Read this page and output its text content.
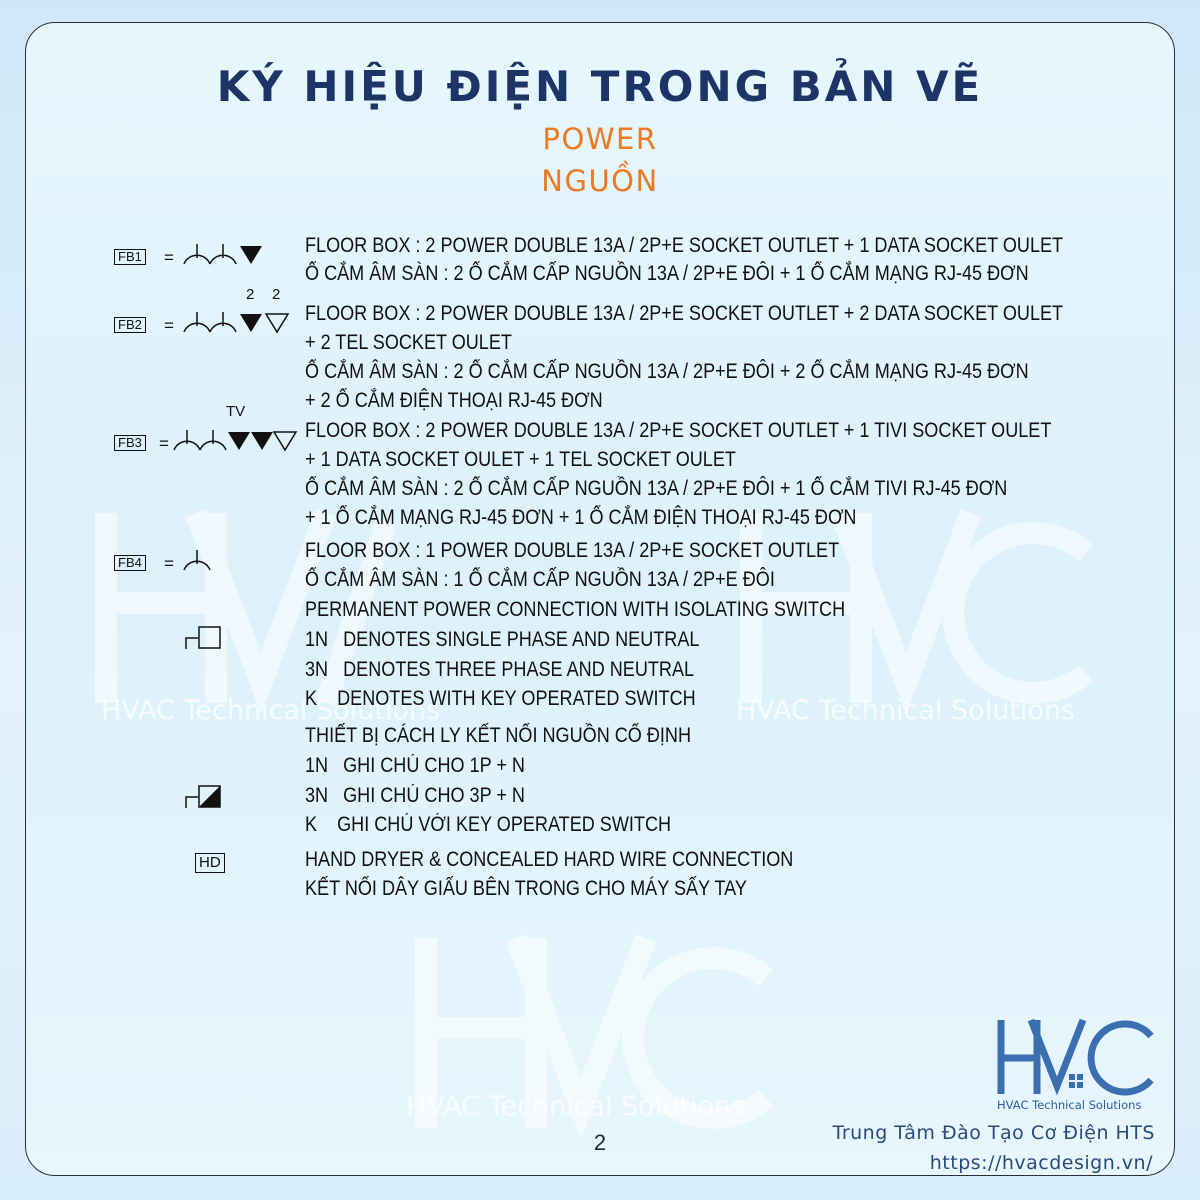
HVAC Technical Solutions	HVAC Technical Solutions
HVAC Technical Solutions
KÝ HIỆU ĐIỆN TRONG BẢN VẼ
POWER
NGUỒN
FB1 =
FLOOR BOX : 2 POWER DOUBLE 13A / 2P+E SOCKET OUTLET + 1 DATA SOCKET OULET
Ổ CẮM ÂM SÀN : 2 Ổ CẮM CẤP NGUỒN 13A / 2P+E ĐÔI + 1 Ổ CẮM MẠNG RJ-45 ĐƠN
2 2
FB2 =
FLOOR BOX : 2 POWER DOUBLE 13A / 2P+E SOCKET OUTLET + 2 DATA SOCKET OULET
+ 2 TEL SOCKET OULET
Ổ CẮM ÂM SÀN : 2 Ổ CẮM CẤP NGUỒN 13A / 2P+E ĐÔI + 2 Ổ CẮM MẠNG RJ-45 ĐƠN
+ 2 Ổ CẮM ĐIỆN THOẠI RJ-45 ĐƠN
TV
FB3 =
FLOOR BOX : 2 POWER DOUBLE 13A / 2P+E SOCKET OUTLET + 1 TIVI SOCKET OULET
+ 1 DATA SOCKET OULET + 1 TEL SOCKET OULET
Ổ CẮM ÂM SÀN : 2 Ổ CẮM CẤP NGUỒN 13A / 2P+E ĐÔI + 1 Ổ CẮM TIVI RJ-45 ĐƠN
+ 1 Ổ CẮM MẠNG RJ-45 ĐƠN + 1 Ổ CẮM ĐIỆN THOẠI RJ-45 ĐƠN
FB4 =
FLOOR BOX : 1 POWER DOUBLE 13A / 2P+E SOCKET OUTLET
Ổ CẮM ÂM SÀN : 1 Ổ CẮM CẤP NGUỒN 13A / 2P+E ĐÔI
PERMANENT POWER CONNECTION WITH ISOLATING SWITCH
1N   DENOTES SINGLE PHASE AND NEUTRAL
3N   DENOTES THREE PHASE AND NEUTRAL
K    DENOTES WITH KEY OPERATED SWITCH
THIẾT BỊ CÁCH LY KẾT NỐI NGUỒN CỐ ĐỊNH
1N   GHI CHÚ CHO 1P + N
3N   GHI CHÚ CHO 3P + N
K    GHI CHÚ VỚI KEY OPERATED SWITCH
HD	HAND DRYER & CONCEALED HARD WIRE CONNECTION
KẾT NỐI DÂY GIẤU BÊN TRONG CHO MÁY SẤY TAY
2
HVAC
HVAC Technical Solutions
Trung Tâm Đào Tạo Cơ Điện HTS
https://hvacdesign.vn/
